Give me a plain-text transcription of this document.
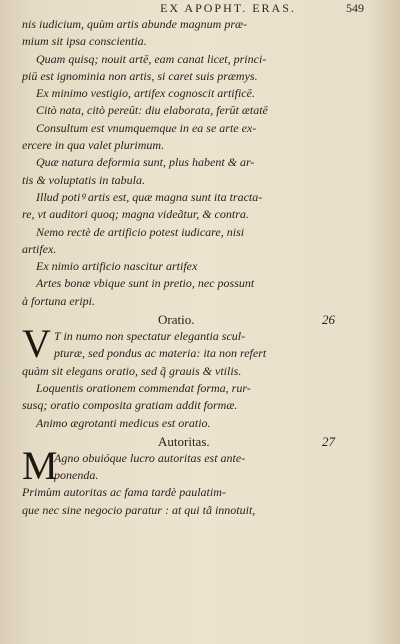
EX APOPHT. ERAS.	549
nis iudicium, quùm artis abunde magnum præ-
mium sit ipsa conscientia.
Quam quisq; nouit artē, eam canat licet, princi-
piū est ignominia non artis, si caret suis præmys.
Ex minimo vestigio, artifex cognoscit artificē.
Citò nata, citò pereūt: diu elaborata, ferūt ætatē
Consultum est vnumquemque in ea se arte ex-
ercere in qua valet plurimum.
Quæ natura deformia sunt, plus habent & ar-
tis & voluptatis in tabula.
Illud potiꝰ artis est, quæ magna sunt ita tracta-
re, vt auditori quoq; magna videãtur, & contra.
Nemo rectè de artificio potest iudicare, nisi
artifex.
Ex nimio artificio nascitur artifex
Artes bonæ vbique sunt in pretio, nec possunt
à fortuna eripi.
Oratio.	26
V T in numo non spectatur elegantia scul-
pturæ, sed pondus ac materia: ita non refert
quàm sit elegans oratio, sed q̃ grauis & vtilis.
Loquentis orationem commendat forma, rur-
susq; oratio composita gratiam addit formæ.
Animo ægrotanti medicus est oratio.
Autoritas.	27
M
Agno obuióque lucro autoritas est ante-
ponenda.
Primùm autoritas ac fama tardè paulatim-
que nec sine negocio paratur : at qui tã innotuit,
